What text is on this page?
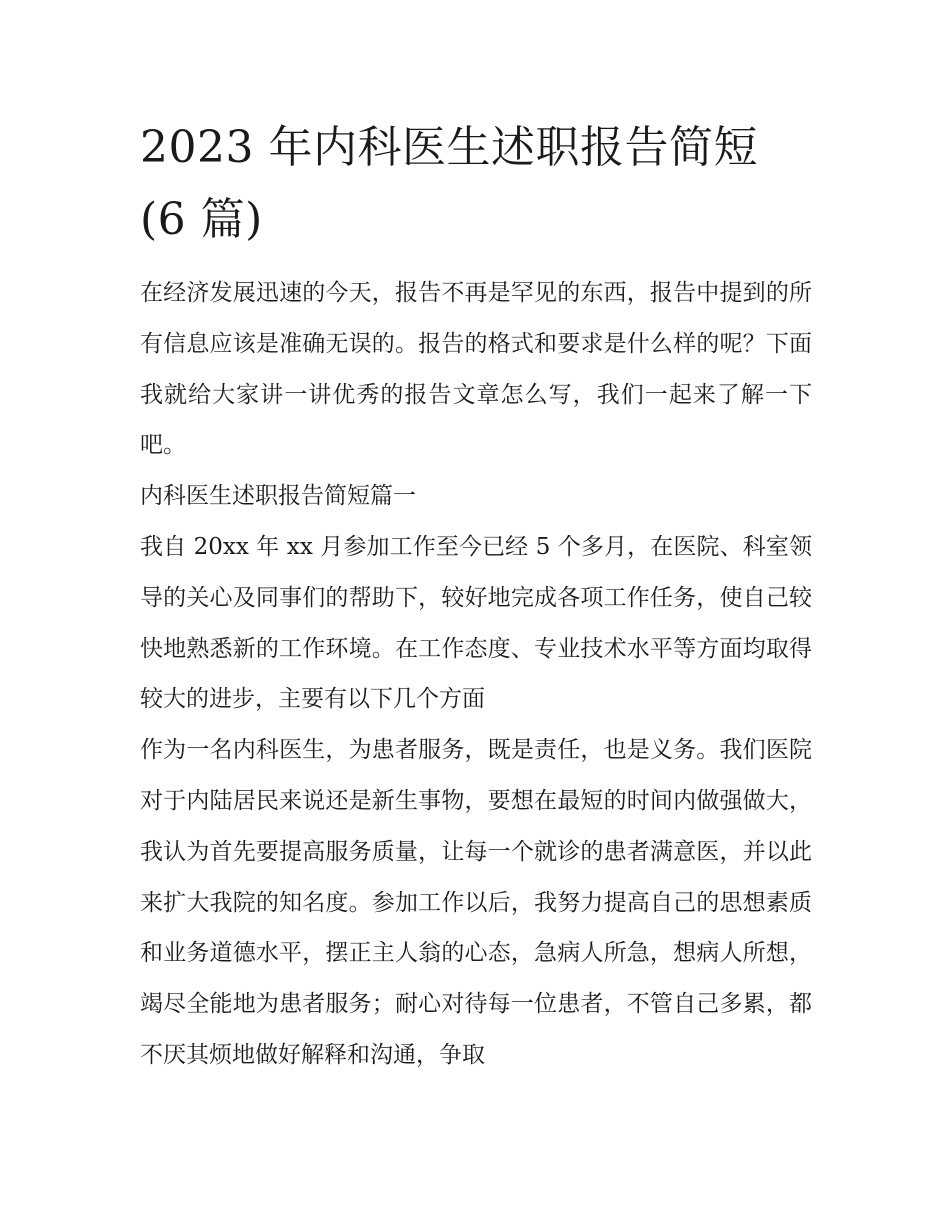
2023 年内科医生述职报告简短
(6 篇)

在经济发展迅速的今天，报告不再是罕见的东西，报告中提到的所有信息应该是准确无误的。报告的格式和要求是什么样的呢？下面我就给大家讲一讲优秀的报告文章怎么写，我们一起来了解一下吧。

内科医生述职报告简短篇一

我自 20xx 年 xx 月参加工作至今已经 5 个多月，在医院、科室领导的关心及同事们的帮助下，较好地完成各项工作任务，使自己较快地熟悉新的工作环境。在工作态度、专业技术水平等方面均取得较大的进步，主要有以下几个方面

作为一名内科医生，为患者服务，既是责任，也是义务。我们医院对于内陆居民来说还是新生事物，要想在最短的时间内做强做大，我认为首先要提高服务质量，让每一个就诊的患者满意医，并以此来扩大我院的知名度。参加工作以后，我努力提高自己的思想素质和业务道德水平，摆正主人翁的心态，急病人所急，想病人所想，竭尽全能地为患者服务；耐心对待每一位患者，不管自己多累，都不厌其烦地做好解释和沟通，争取
